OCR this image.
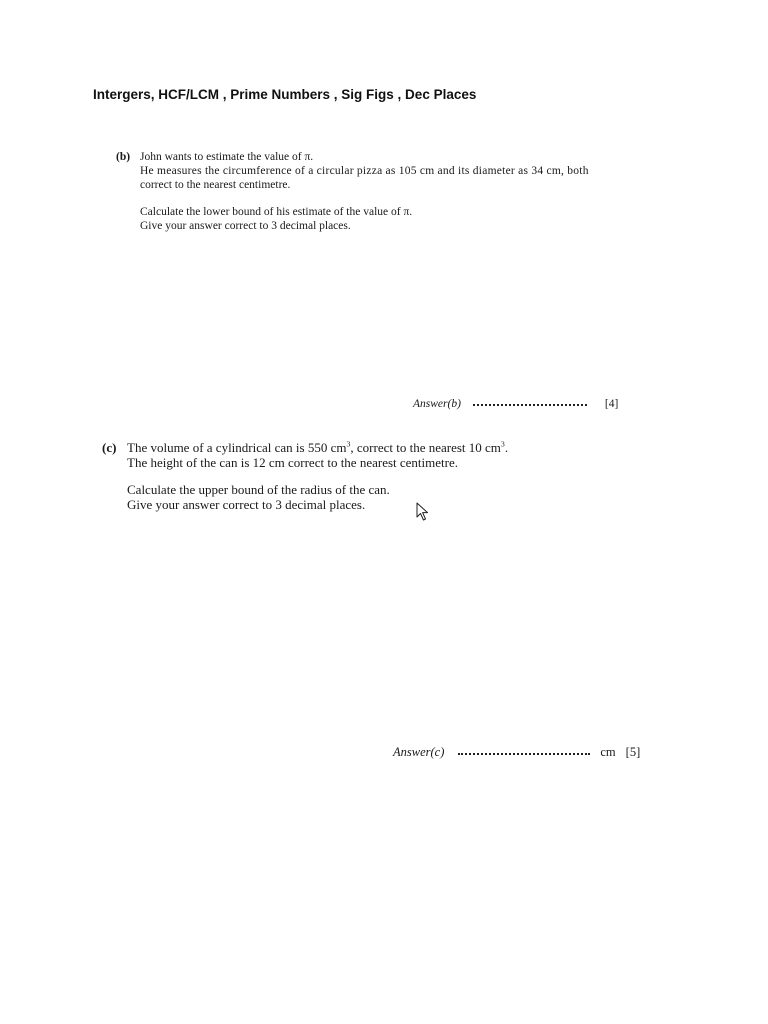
Intergers, HCF/LCM , Prime Numbers , Sig Figs , Dec Places
(b) John wants to estimate the value of π.
He measures the circumference of a circular pizza as 105 cm and its diameter as 34 cm, both
correct to the nearest centimetre.
Calculate the lower bound of his estimate of the value of π.
Give your answer correct to 3 decimal places.
Answer(b)	[4]
(c) The volume of a cylindrical can is 550 $cm^3$, correct to the nearest 10 $cm^3$.
The height of the can is 12 cm correct to the nearest centimetre.
Calculate the upper bound of the radius of the can.
Give your answer correct to 3 decimal places.
Answer(c)	cm [5]
